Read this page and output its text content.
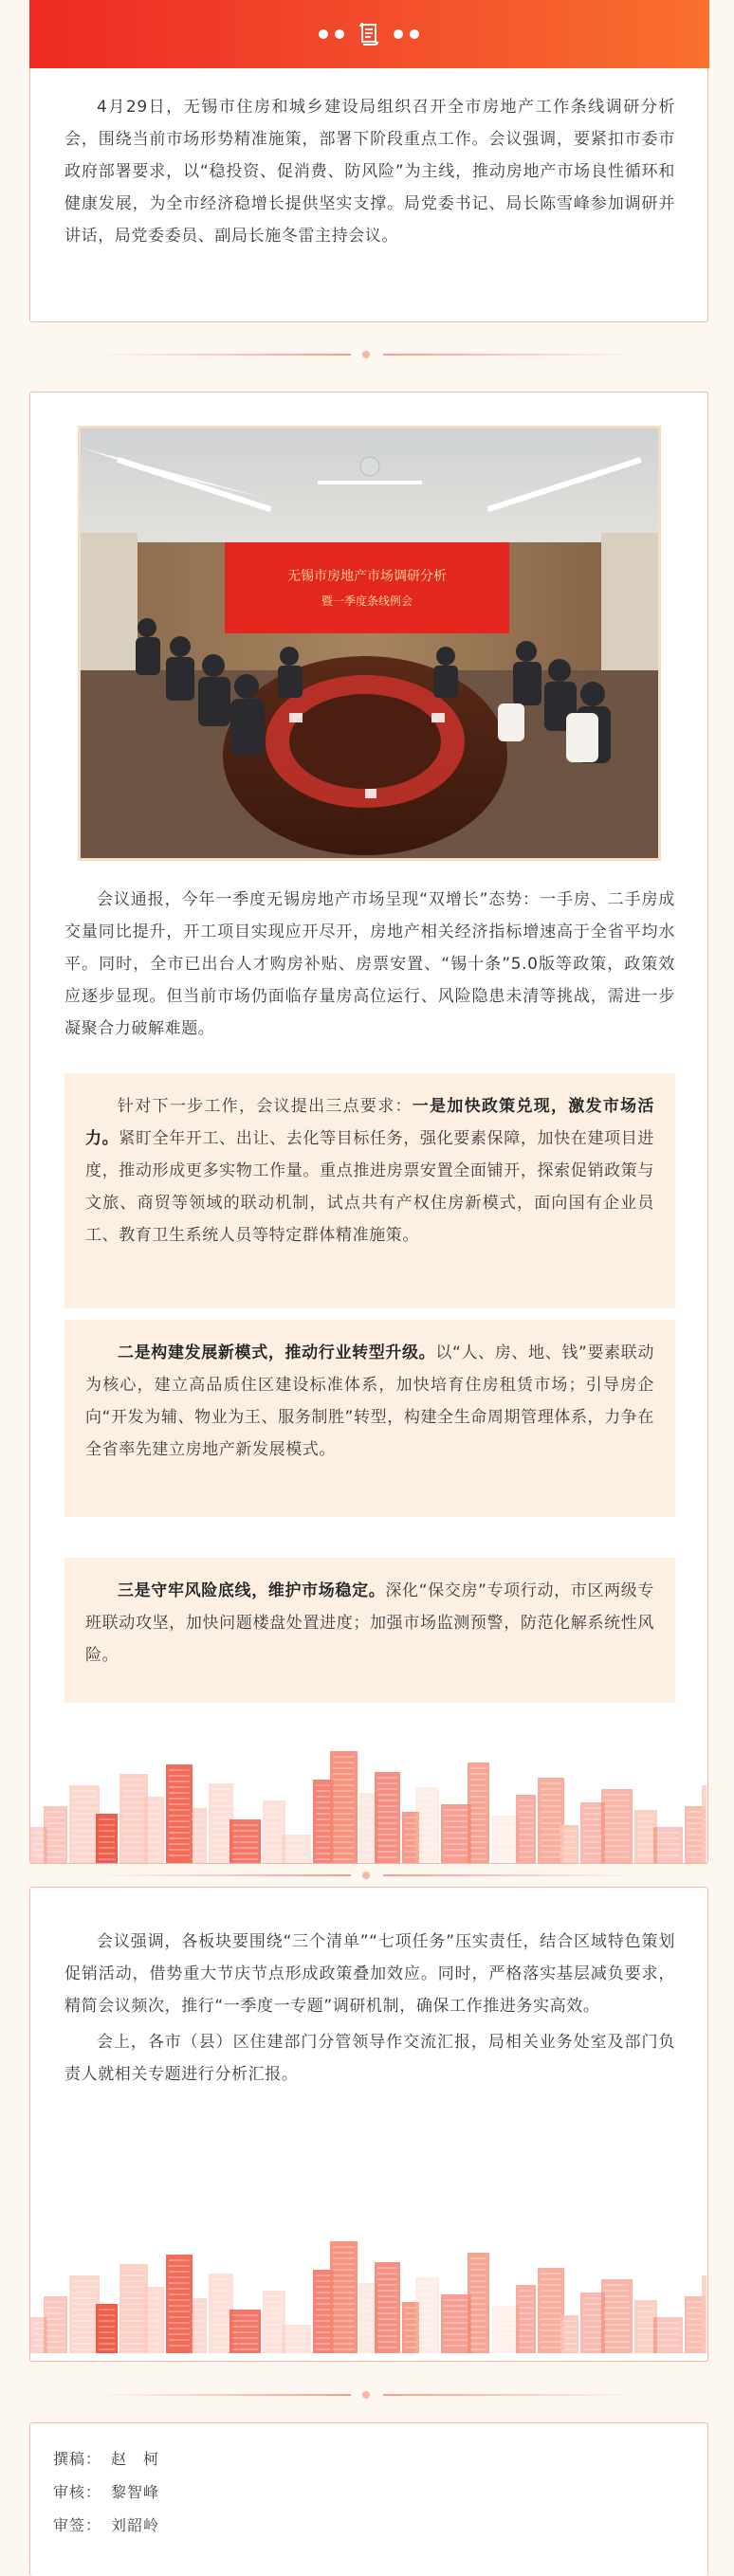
4月29日，无锡市住房和城乡建设局组织召开全市房地产工作条线调研分析会，围绕当前市场形势精准施策，部署下阶段重点工作。会议强调，要紧扣市委市政府部署要求，以“稳投资、促消费、防风险”为主线，推动房地产市场良性循环和健康发展，为全市经济稳增长提供坚实支撑。局党委书记、局长陈雪峰参加调研并讲话，局党委委员、副局长施冬雷主持会议。

无锡市房地产市场调研分析
暨一季度条线例会

会议通报，今年一季度无锡房地产市场呈现“双增长”态势：一手房、二手房成交量同比提升，开工项目实现应开尽开，房地产相关经济指标增速高于全省平均水平。同时，全市已出台人才购房补贴、房票安置、“锡十条”5.0版等政策，政策效应逐步显现。但当前市场仍面临存量房高位运行、风险隐患未清等挑战，需进一步凝聚合力破解难题。

针对下一步工作，会议提出三点要求：一是加快政策兑现，激发市场活力。紧盯全年开工、出让、去化等目标任务，强化要素保障，加快在建项目进度，推动形成更多实物工作量。重点推进房票安置全面铺开，探索促销政策与文旅、商贸等领域的联动机制，试点共有产权住房新模式，面向国有企业员工、教育卫生系统人员等特定群体精准施策。

二是构建发展新模式，推动行业转型升级。以“人、房、地、钱”要素联动为核心，建立高品质住区建设标准体系，加快培育住房租赁市场；引导房企向“开发为辅、物业为王、服务制胜”转型，构建全生命周期管理体系，力争在全省率先建立房地产新发展模式。

三是守牢风险底线，维护市场稳定。深化“保交房”专项行动，市区两级专班联动攻坚，加快问题楼盘处置进度；加强市场监测预警，防范化解系统性风险。

会议强调，各板块要围绕“三个清单”“七项任务”压实责任，结合区域特色策划促销活动，借势重大节庆节点形成政策叠加效应。同时，严格落实基层减负要求，精简会议频次，推行“一季度一专题”调研机制，确保工作推进务实高效。

会上，各市（县）区住建部门分管领导作交流汇报，局相关业务处室及部门负责人就相关专题进行分析汇报。

撰稿： 赵　柯
审核： 黎智峰
审签： 刘韶岭
